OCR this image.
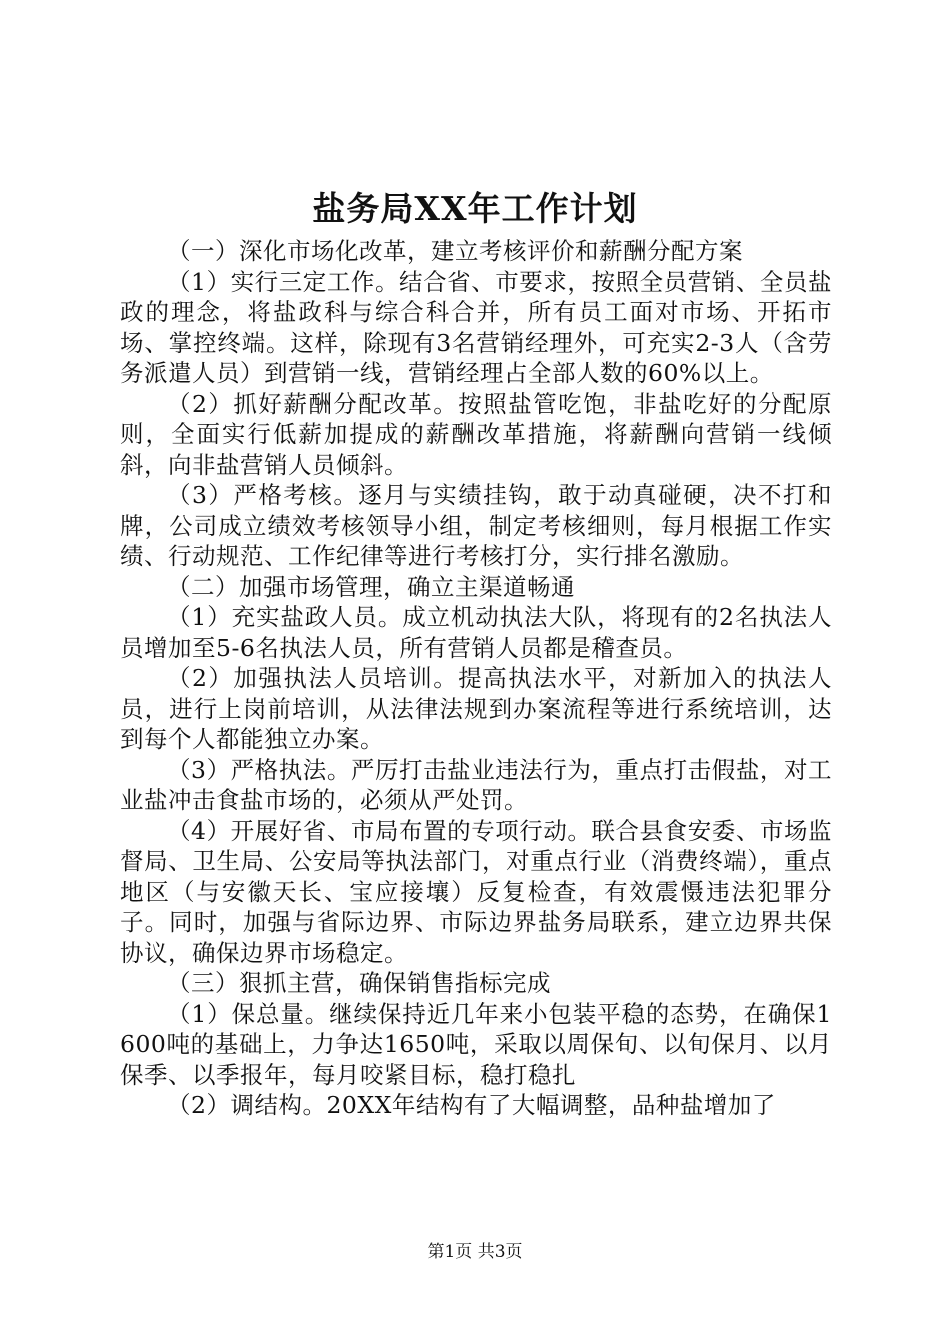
盐务局XX年工作计划

（一）深化市场化改革，建立考核评价和薪酬分配方案

（1）实行三定工作。结合省、市要求，按照全员营销、全员盐政的理念，将盐政科与综合科合并，所有员工面对市场、开拓市场、掌控终端。这样，除现有3名营销经理外，可充实2-3人（含劳务派遣人员）到营销一线，营销经理占全部人数的60%以上。

（2）抓好薪酬分配改革。按照盐管吃饱，非盐吃好的分配原则，全面实行低薪加提成的薪酬改革措施，将薪酬向营销一线倾斜，向非盐营销人员倾斜。

（3）严格考核。逐月与实绩挂钩，敢于动真碰硬，决不打和牌，公司成立绩效考核领导小组，制定考核细则，每月根据工作实绩、行动规范、工作纪律等进行考核打分，实行排名激励。

（二）加强市场管理，确立主渠道畅通

（1）充实盐政人员。成立机动执法大队，将现有的2名执法人员增加至5-6名执法人员，所有营销人员都是稽查员。

（2）加强执法人员培训。提高执法水平，对新加入的执法人员，进行上岗前培训，从法律法规到办案流程等进行系统培训，达到每个人都能独立办案。

（3）严格执法。严厉打击盐业违法行为，重点打击假盐，对工业盐冲击食盐市场的，必须从严处罚。

（4）开展好省、市局布置的专项行动。联合县食安委、市场监督局、卫生局、公安局等执法部门，对重点行业（消费终端），重点地区（与安徽天长、宝应接壤）反复检查，有效震慑违法犯罪分子。同时，加强与省际边界、市际边界盐务局联系，建立边界共保协议，确保边界市场稳定。

（三）狠抓主营，确保销售指标完成

（1）保总量。继续保持近几年来小包装平稳的态势，在确保1600吨的基础上，力争达1650吨，采取以周保旬、以旬保月、以月保季、以季报年，每月咬紧目标，稳打稳扎

（2）调结构。20XX年结构有了大幅调整，品种盐增加了

第1页 共3页
